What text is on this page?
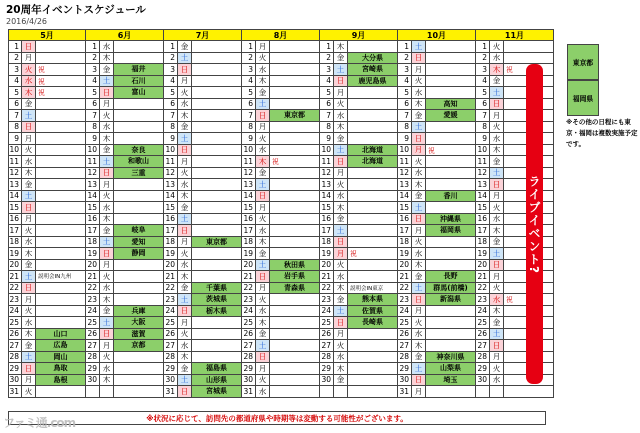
20周年イベントスケジュール
2016/4/26
5月
1 日
2 月
3 火 祝
4 水 祝
5 木 祝
6 金
7 土
8 日
9 月
10 火
11 水
12 木
13 金
14 土
15 日
16 月
17 火
18 水
19 木
20 金
21 土	説明会IN九州
22 日
23 月
24 火
25 水
26 木	山口
27 金	広島
28 土	岡山
29 日	鳥取
30 月	島根
31 火
6月
1 水
2 木
3 金	福井
4 土	石川
5 日	富山
6 月
7 火
8 水
9 木
10 金	奈良
11 土	和歌山
12 日	三重
13 月
14 火
15 水
16 木
17 金	岐阜
18 土	愛知
19 日	静岡
20 月
21 火
22 水
23 木
24 金	兵庫
25 土	大阪
26 日	滋賀
27 月	京都
28 火
29 水
30 木
7月
1 金
2 土
3 日
4 月
5 火
6 水
7 木
8 金
9 土
10 日
11 月
12 火
13 水
14 木
15 金
16 土
17 日
18 月	東京都
19 火
20 水
21 木
22 金	千葉県
23 土	茨城県
24 日	栃木県
25 月
26 火
27 水
28 木
29 金	福島県
30 土	山形県
31 日	宮城県
8月
1 月
2 火
3 水
4 木
5 金
6 土
7 日	東京都
8 月
9 火
10 水
11 木 祝
12 金
13 土
14 日
15 月
16 火
17 水
18 木
19 金
20 土	秋田県
21 日	岩手県
22 月	青森県
23 火
24 水
25 木
26 金
27 土
28 日
29 月
30 火
31 水
9月
1 木
2 金	大分県
3 土	宮崎県
4 日	鹿児島県
5 月
6 火
7 水
8 木
9 金
10 土	北海道
11 日	北海道
12 月
13 火
14 水
15 木
16 金
17 土
18 日
19 月 祝
20 火
21 水
22 木	説明会IN東京
23 金	熊本県
24 土	佐賀県
25 日	長崎県
26 月
27 火
28 水
29 木
30 金
10月
1 土
2 日
3 月
4 火
5 水
6 木	高知
7 金	愛媛
8 土
9 日
10 月 祝
11 火
12 水
13 木
14 金	香川
15 土
16 日	沖縄県
17 月	福岡県
18 火
19 水
20 木
21 金	長野
22 土	群馬(前橋)
23 日	新潟県
24 月
25 火
26 水
27 木
28 金	神奈川県
29 土	山梨県
30 日	埼玉
31 月
11月
1 火
2 水
3 木 祝
4 金
5 土
6 日
7 月
8 火
9 水
10 木
11 金
12 土
13 日
14 月
15 火
16 水
17 木
18 金
19 土
20 日
21 月
22 火
23 水 祝
24 木
25 金
26 土
27 日
28 月
29 火
30 水
ライブイベント?
東京都
福岡県
※その他の日程にも東京・福岡は複数実施予定です。
※状況に応じて、訪問先の都道府県や時期等は変動する可能性がございます。
ファミ通.com
